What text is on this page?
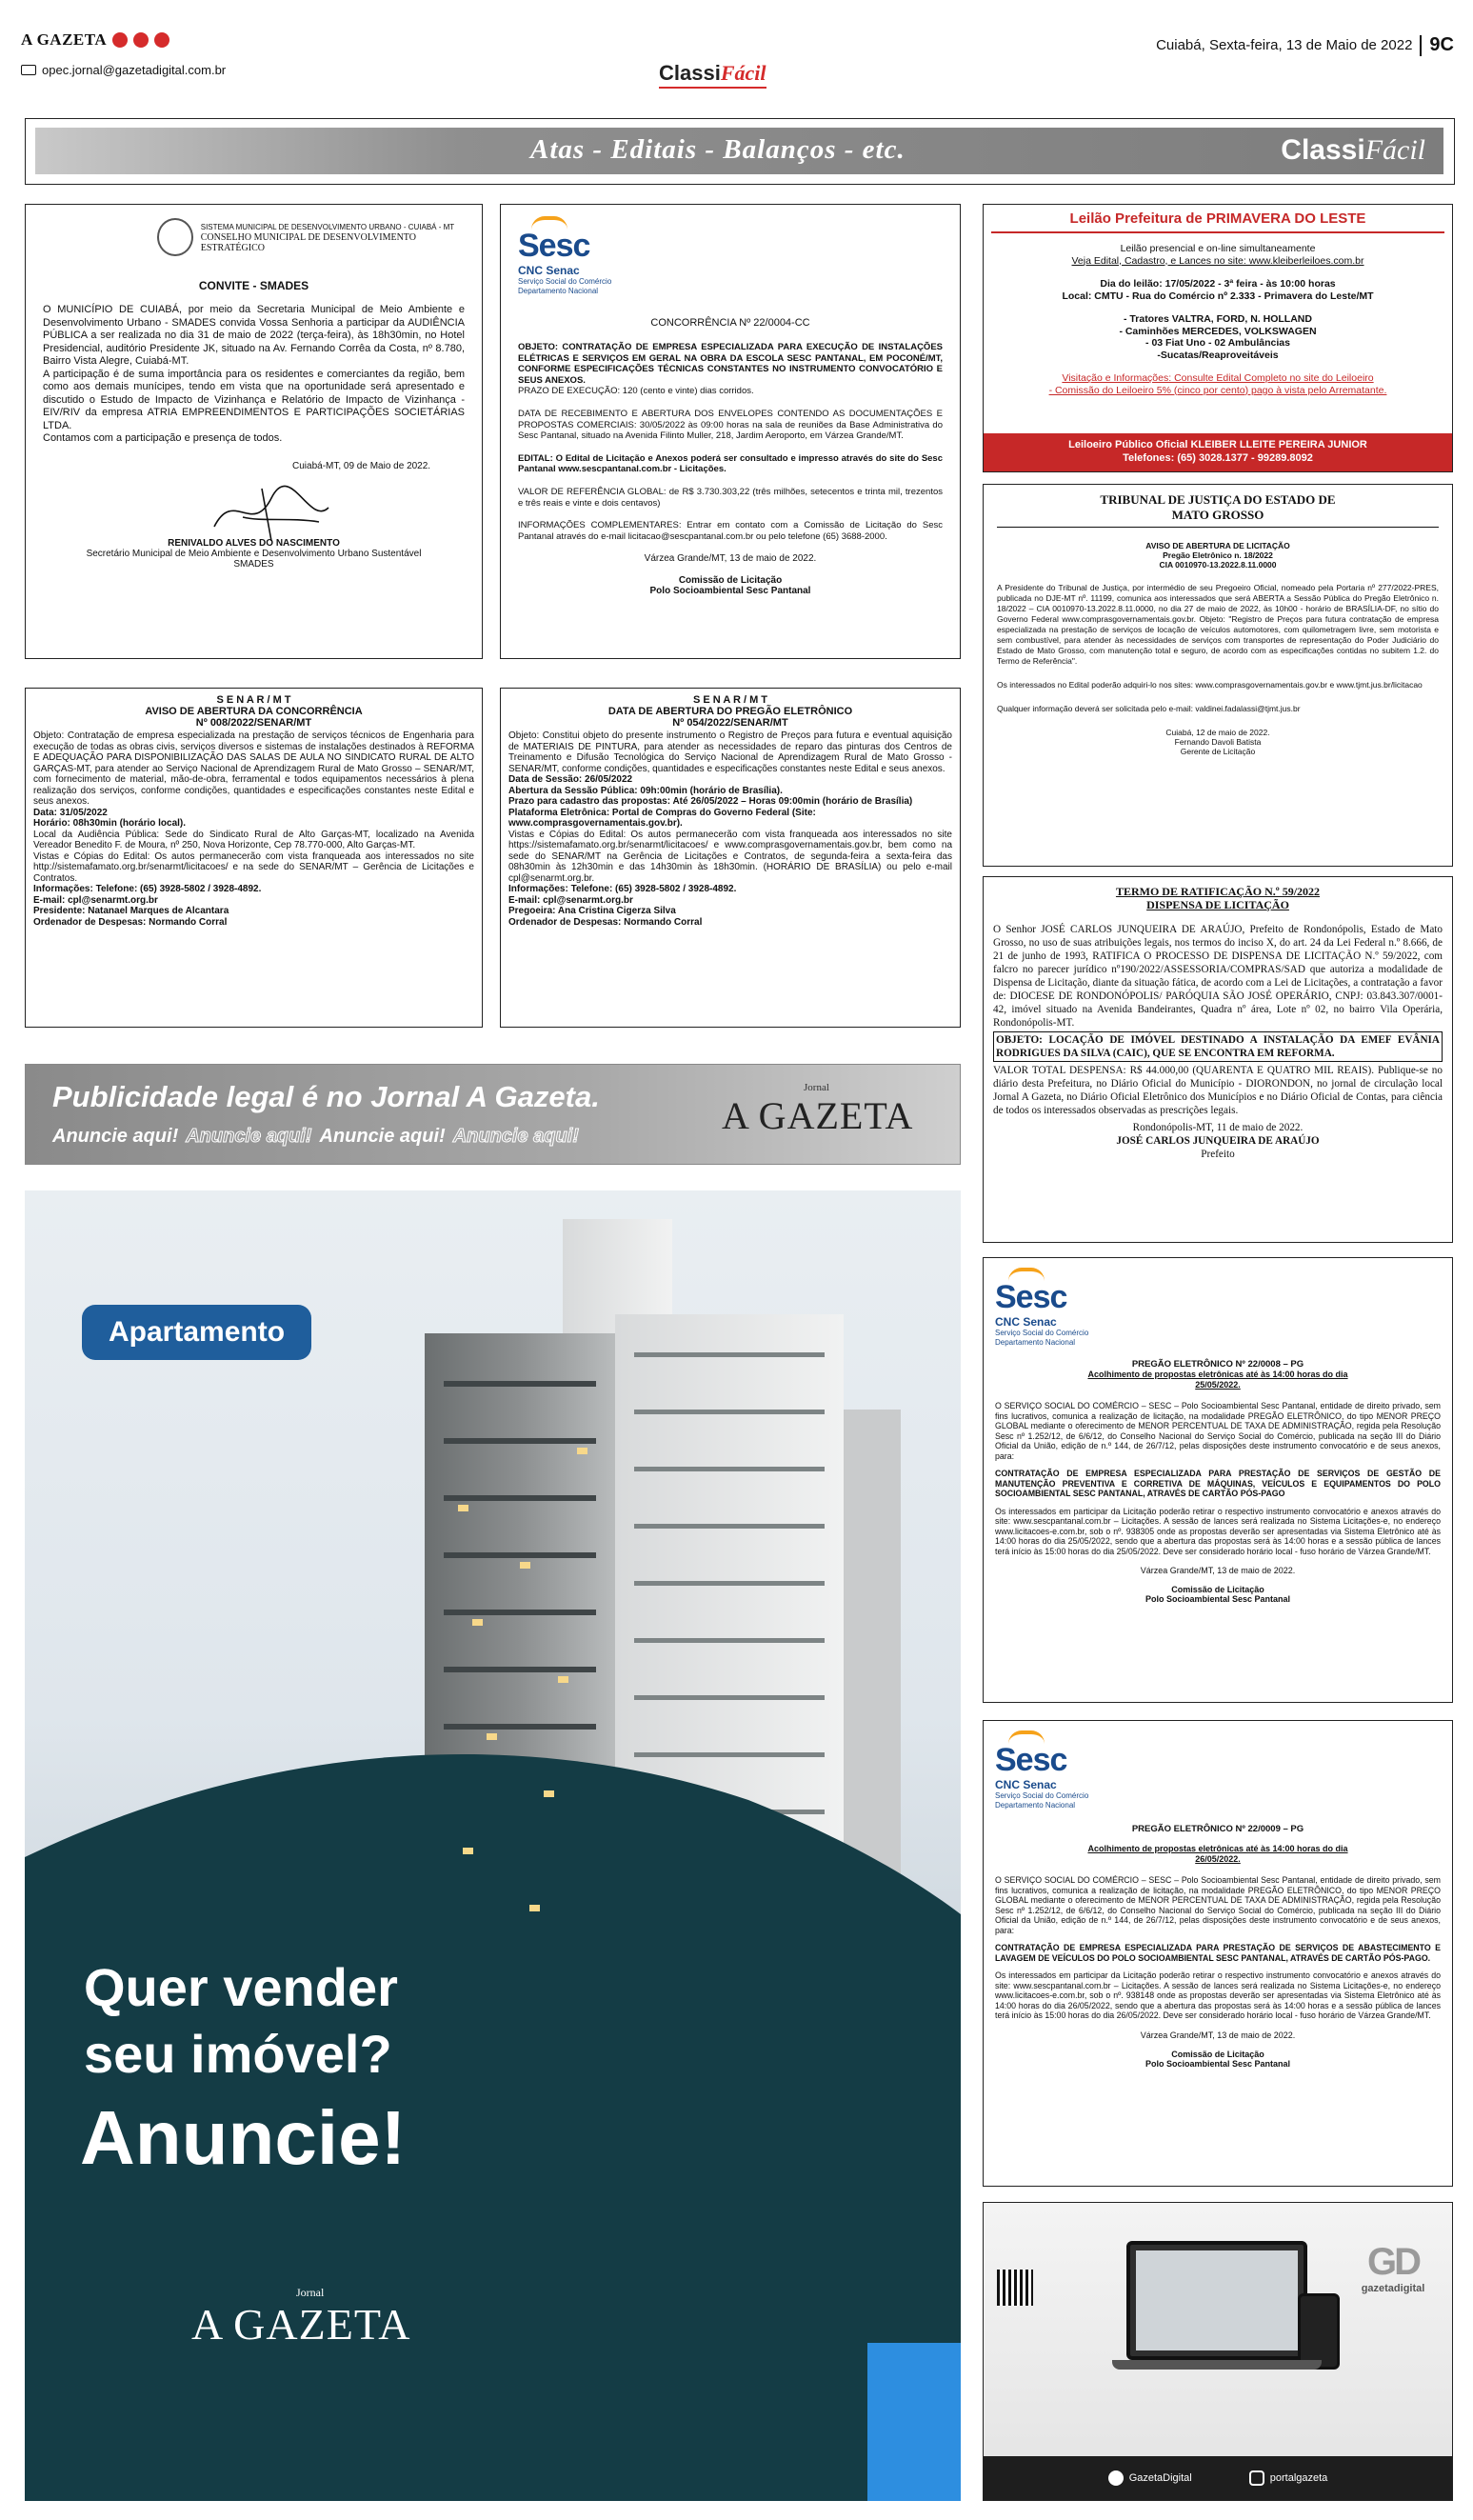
A GAZETA
opec.jornal@gazetadigital.com.br	ClassiFácil
Cuiabá, Sexta-feira, 13 de Maio de 2022 9C
Atas - Editais - Balanços - etc.	ClassiFácil
SISTEMA MUNICIPAL DE DESENVOLVIMENTO URBANO - CUIABÁ - MT
CONSELHO MUNICIPAL DE DESENVOLVIMENTO ESTRATÉGICO
CONVITE - SMADES

O MUNICÍPIO DE CUIABÁ, por meio da Secretaria Municipal de Meio Ambiente e Desenvolvimento Urbano - SMADES convida Vossa Senhoria a participar da AUDIÊNCIA PÚBLICA a ser realizada no dia 31 de maio de 2022 (terça-feira), às 18h30min, no Hotel Presidencial, auditório Presidente JK, situado na Av. Fernando Corrêa da Costa, nº 8.780, Bairro Vista Alegre, Cuiabá-MT.

A participação é de suma importância para os residentes e comerciantes da região, bem como aos demais munícipes, tendo em vista que na oportunidade será apresentado e discutido o Estudo de Impacto de Vizinhança e Relatório de Impacto de Vizinhança - EIV/RIV da empresa ATRIA EMPREENDIMENTOS E PARTICIPAÇÕES SOCIETÁRIAS LTDA.

Contamos com a participação e presença de todos.

Cuiabá-MT, 09 de Maio de 2022.
RENIVALDO ALVES DO NASCIMENTO
Secretário Municipal de Meio Ambiente e Desenvolvimento Urbano Sustentável
SMADES
Sesc
CNC Senac
Serviço Social do Comércio
Departamento Nacional
CONCORRÊNCIA Nº 22/0004-CC

OBJETO: CONTRATAÇÃO DE EMPRESA ESPECIALIZADA PARA EXECUÇÃO DE INSTALAÇÕES ELÉTRICAS E SERVIÇOS EM GERAL NA OBRA DA ESCOLA SESC PANTANAL, EM POCONÉ/MT, CONFORME ESPECIFICAÇÕES TÉCNICAS CONSTANTES NO INSTRUMENTO CONVOCATÓRIO E SEUS ANEXOS.

PRAZO DE EXECUÇÃO: 120 (cento e vinte) dias corridos.

DATA DE RECEBIMENTO E ABERTURA DOS ENVELOPES CONTENDO AS DOCUMENTAÇÕES E PROPOSTAS COMERCIAIS: 30/05/2022 às 09:00 horas na sala de reuniões da Base Administrativa do Sesc Pantanal, situado na Avenida Filinto Muller, 218, Jardim Aeroporto, em Várzea Grande/MT.

EDITAL: O Edital de Licitação e Anexos poderá ser consultado e impresso através do site do Sesc Pantanal www.sescpantanal.com.br - Licitações.

VALOR DE REFERÊNCIA GLOBAL: de R$ 3.730.303,22 (três milhões, setecentos e trinta mil, trezentos e três reais e vinte e dois centavos)

INFORMAÇÕES COMPLEMENTARES: Entrar em contato com a Comissão de Licitação do Sesc Pantanal através do e-mail licitacao@sescpantanal.com.br ou pelo telefone (65) 3688-2000.

Várzea Grande/MT, 13 de maio de 2022.
Comissão de Licitação
Polo Socioambiental Sesc Pantanal
Leilão Prefeitura de PRIMAVERA DO LESTE
Leilão presencial e on-line simultaneamente
Veja Edital, Cadastro, e Lances no site: www.kleiberleiloes.com.br
Dia do leilão: 17/05/2022 - 3ª feira - às 10:00 horas
Local: CMTU - Rua do Comércio nº 2.333 - Primavera do Leste/MT
- Tratores VALTRA, FORD, N. HOLLAND
- Caminhões MERCEDES, VOLKSWAGEN
- 03 Fiat Uno - 02 Ambulâncias
-Sucatas/Reaproveitáveis
Visitação e Informações: Consulte Edital Completo no site do Leiloeiro
- Comissão do Leiloeiro 5% (cinco por cento) pago à vista pelo Arrematante.
Leiloeiro Público Oficial KLEIBER LLEITE PEREIRA JUNIOR
Telefones: (65) 3028.1377 - 99289.8092
TRIBUNAL DE JUSTIÇA DO ESTADO DE
MATO GROSSO
AVISO DE ABERTURA DE LICITAÇÃO
Pregão Eletrônico n. 18/2022
CIA 0010970-13.2022.8.11.0000

A Presidente do Tribunal de Justiça, por intermédio de seu Pregoeiro Oficial, nomeado pela Portaria nº 277/2022-PRES, publicada no DJE-MT nº. 11199, comunica aos interessados que será ABERTA a Sessão Pública do Pregão Eletrônico n. 18/2022 – CIA 0010970-13.2022.8.11.0000, no dia 27 de maio de 2022, às 10h00 - horário de BRASÍLIA-DF, no sítio do Governo Federal www.comprasgovernamentais.gov.br. Objeto: "Registro de Preços para futura contratação de empresa especializada na prestação de serviços de locação de veículos automotores, com quilometragem livre, sem motorista e sem combustível, para atender às necessidades de serviços com transportes de representação do Poder Judiciário do Estado de Mato Grosso, com manutenção total e seguro, de acordo com as especificações contidas no subitem 1.2. do Termo de Referência".

Os interessados no Edital poderão adquiri-lo nos sites: www.comprasgovernamentais.gov.br e www.tjmt.jus.br/licitacao

Qualquer informação deverá ser solicitada pelo e-mail: valdinei.fadalassi@tjmt.jus.br

Cuiabá, 12 de maio de 2022.
Fernando Davoli Batista
Gerente de Licitação
S E N A R / M T
AVISO DE ABERTURA DA CONCORRÊNCIA
Nº 008/2022/SENAR/MT

Objeto: Contratação de empresa especializada na prestação de serviços técnicos de Engenharia para execução de todas as obras civis, serviços diversos e sistemas de instalações destinados à REFORMA E ADEQUAÇÃO PARA DISPONIBILIZAÇÃO DAS SALAS DE AULA NO SINDICATO RURAL DE ALTO GARÇAS-MT, para atender ao Serviço Nacional de Aprendizagem Rural de Mato Grosso – SENAR/MT, com fornecimento de material, mão-de-obra, ferramental e todos equipamentos necessários à plena realização dos serviços, conforme condições, quantidades e especificações constantes neste Edital e seus anexos.

Data: 31/05/2022

Horário: 08h30min (horário local).

Local da Audiência Pública: Sede do Sindicato Rural de Alto Garças-MT, localizado na Avenida Vereador Benedito F. de Moura, nº 250, Nova Horizonte, Cep 78.770-000, Alto Garças-MT.

Vistas e Cópias do Edital: Os autos permanecerão com vista franqueada aos interessados no site http://sistemafamato.org.br/senarmt/licitacoes/ e na sede do SENAR/MT – Gerência de Licitações e Contratos.

Informações: Telefone: (65) 3928-5802 / 3928-4892.

E-mail: cpl@senarmt.org.br

Presidente: Natanael Marques de Alcantara

Ordenador de Despesas: Normando Corral

S E N A R / M T
DATA DE ABERTURA DO PREGÃO ELETRÔNICO
Nº 054/2022/SENAR/MT

Objeto: Constitui objeto do presente instrumento o Registro de Preços para futura e eventual aquisição de MATERIAIS DE PINTURA, para atender as necessidades de reparo das pinturas dos Centros de Treinamento e Difusão Tecnológica do Serviço Nacional de Aprendizagem Rural de Mato Grosso - SENAR/MT, conforme condições, quantidades e especificações constantes neste Edital e seus anexos.

Data de Sessão: 26/05/2022

Abertura da Sessão Pública: 09h:00min (horário de Brasília).

Prazo para cadastro das propostas: Até 26/05/2022 – Horas 09:00min (horário de Brasília)

Plataforma Eletrônica: Portal de Compras do Governo Federal (Site: www.comprasgovernamentais.gov.br).

Vistas e Cópias do Edital: Os autos permanecerão com vista franqueada aos interessados no site https://sistemafamato.org.br/senarmt/licitacoes/ e www.comprasgovernamentais.gov.br, bem como na sede do SENAR/MT na Gerência de Licitações e Contratos, de segunda-feira a sexta-feira das 08h30min às 12h30min e das 14h30min às 18h30min. (HORÁRIO DE BRASÍLIA) ou pelo e-mail cpl@senarmt.org.br.

Informações: Telefone: (65) 3928-5802 / 3928-4892.

E-mail: cpl@senarmt.org.br

Pregoeira: Ana Cristina Cigerza Silva

Ordenador de Despesas: Normando Corral

Publicidade legal é no Jornal A Gazeta.
Anuncie aqui! Anuncie aqui! Anuncie aqui! Anuncie aqui!
Jornal
A GAZETA
TERMO DE RATIFICAÇÃO N.º 59/2022
DISPENSA DE LICITAÇÃO

O Senhor JOSÉ CARLOS JUNQUEIRA DE ARAÚJO, Prefeito de Rondonópolis, Estado de Mato Grosso, no uso de suas atribuições legais, nos termos do inciso X, do art. 24 da Lei Federal n.º 8.666, de 21 de junho de 1993, RATIFICA O PROCESSO DE DISPENSA DE LICITAÇÃO N.º 59/2022, com falcro no parecer jurídico nº190/2022/ASSESSORIA/COMPRAS/SAD que autoriza a modalidade de Dispensa de Licitação, diante da situação fática, de acordo com a Lei de Licitações, a contratação a favor de: DIOCESE DE RONDONÓPOLIS/ PARÓQUIA SÃO JOSÉ OPERÁRIO, CNPJ: 03.843.307/0001-42, imóvel situado na Avenida Bandeirantes, Quadra nº área, Lote nº 02, no bairro Vila Operária, Rondonópolis-MT.

OBJETO: LOCAÇÃO DE IMÓVEL DESTINADO A INSTALAÇÃO DA EMEF EVÂNIA RODRIGUES DA SILVA (CAIC), QUE SE ENCONTRA EM REFORMA.

VALOR TOTAL DESPENSA: R$ 44.000,00 (QUARENTA E QUATRO MIL REAIS). Publique-se no diário desta Prefeitura, no Diário Oficial do Município - DIORONDON, no jornal de circulação local Jornal A Gazeta, no Diário Oficial Eletrônico dos Municípios e no Diário Oficial de Contas, para ciência de todos os interessados observadas as prescrições legais.

Rondonópolis-MT, 11 de maio de 2022.
JOSÉ CARLOS JUNQUEIRA DE ARAÚJO
Prefeito
Apartamento
Quer vender
seu imóvel?
Anuncie!
Jornal
A GAZETA
Sesc
CNC Senac
Serviço Social do Comércio
Departamento Nacional
PREGÃO ELETRÔNICO Nº 22/0008 – PG
Acolhimento de propostas eletrônicas até às 14:00 horas do dia 25/05/2022.

O SERVIÇO SOCIAL DO COMÉRCIO – SESC – Polo Socioambiental Sesc Pantanal, entidade de direito privado, sem fins lucrativos, comunica a realização de licitação, na modalidade PREGÃO ELETRÔNICO, do tipo MENOR PREÇO GLOBAL mediante o oferecimento de MENOR PERCENTUAL DE TAXA DE ADMINISTRAÇÃO, regida pela Resolução Sesc nº 1.252/12, de 6/6/12, do Conselho Nacional do Serviço Social do Comércio, publicada na seção III do Diário Oficial da União, edição de n.º 144, de 26/7/12, pelas disposições deste instrumento convocatório e de seus anexos, para:

CONTRATAÇÃO DE EMPRESA ESPECIALIZADA PARA PRESTAÇÃO DE SERVIÇOS DE GESTÃO DE MANUTENÇÃO PREVENTIVA E CORRETIVA DE MÁQUINAS, VEÍCULOS E EQUIPAMENTOS DO POLO SOCIOAMBIENTAL SESC PANTANAL, ATRAVÉS DE CARTÃO PÓS-PAGO

Os interessados em participar da Licitação poderão retirar o respectivo instrumento convocatório e anexos através do site: www.sescpantanal.com.br – Licitações. A sessão de lances será realizada no Sistema Licitações-e, no endereço www.licitacoes-e.com.br, sob o nº. 938305 onde as propostas deverão ser apresentadas via Sistema Eletrônico até às 14:00 horas do dia 25/05/2022, sendo que a abertura das propostas será às 14:00 horas e a sessão pública de lances terá início às 15:00 horas do dia 25/05/2022. Deve ser considerado horário local - fuso horário de Várzea Grande/MT.

Várzea Grande/MT, 13 de maio de 2022.
Comissão de Licitação
Polo Socioambiental Sesc Pantanal
Sesc
CNC Senac
Serviço Social do Comércio
Departamento Nacional
PREGÃO ELETRÔNICO Nº 22/0009 – PG
Acolhimento de propostas eletrônicas até às 14:00 horas do dia 26/05/2022.

O SERVIÇO SOCIAL DO COMÉRCIO – SESC – Polo Socioambiental Sesc Pantanal, entidade de direito privado, sem fins lucrativos, comunica a realização de licitação, na modalidade PREGÃO ELETRÔNICO, do tipo MENOR PREÇO GLOBAL mediante o oferecimento de MENOR PERCENTUAL DE TAXA DE ADMINISTRAÇÃO, regida pela Resolução Sesc nº 1.252/12, de 6/6/12, do Conselho Nacional do Serviço Social do Comércio, publicada na seção III do Diário Oficial da União, edição de n.º 144, de 26/7/12, pelas disposições deste instrumento convocatório e de seus anexos, para:

CONTRATAÇÃO DE EMPRESA ESPECIALIZADA PARA PRESTAÇÃO DE SERVIÇOS DE ABASTECIMENTO E LAVAGEM DE VEÍCULOS DO POLO SOCIOAMBIENTAL SESC PANTANAL, ATRAVÉS DE CARTÃO PÓS-PAGO.

Os interessados em participar da Licitação poderão retirar o respectivo instrumento convocatório e anexos através do site: www.sescpantanal.com.br – Licitações. A sessão de lances será realizada no Sistema Licitações-e, no endereço www.licitacoes-e.com.br, sob o nº. 938148 onde as propostas deverão ser apresentadas via Sistema Eletrônico até às 14:00 horas do dia 26/05/2022, sendo que a abertura das propostas será às 14:00 horas e a sessão pública de lances terá início às 15:00 horas do dia 26/05/2022. Deve ser considerado horário local - fuso horário de Várzea Grande/MT.

Várzea Grande/MT, 13 de maio de 2022.
Comissão de Licitação
Polo Socioambiental Sesc Pantanal
GD
gazetadigital
GazetaDigital	portalgazeta
